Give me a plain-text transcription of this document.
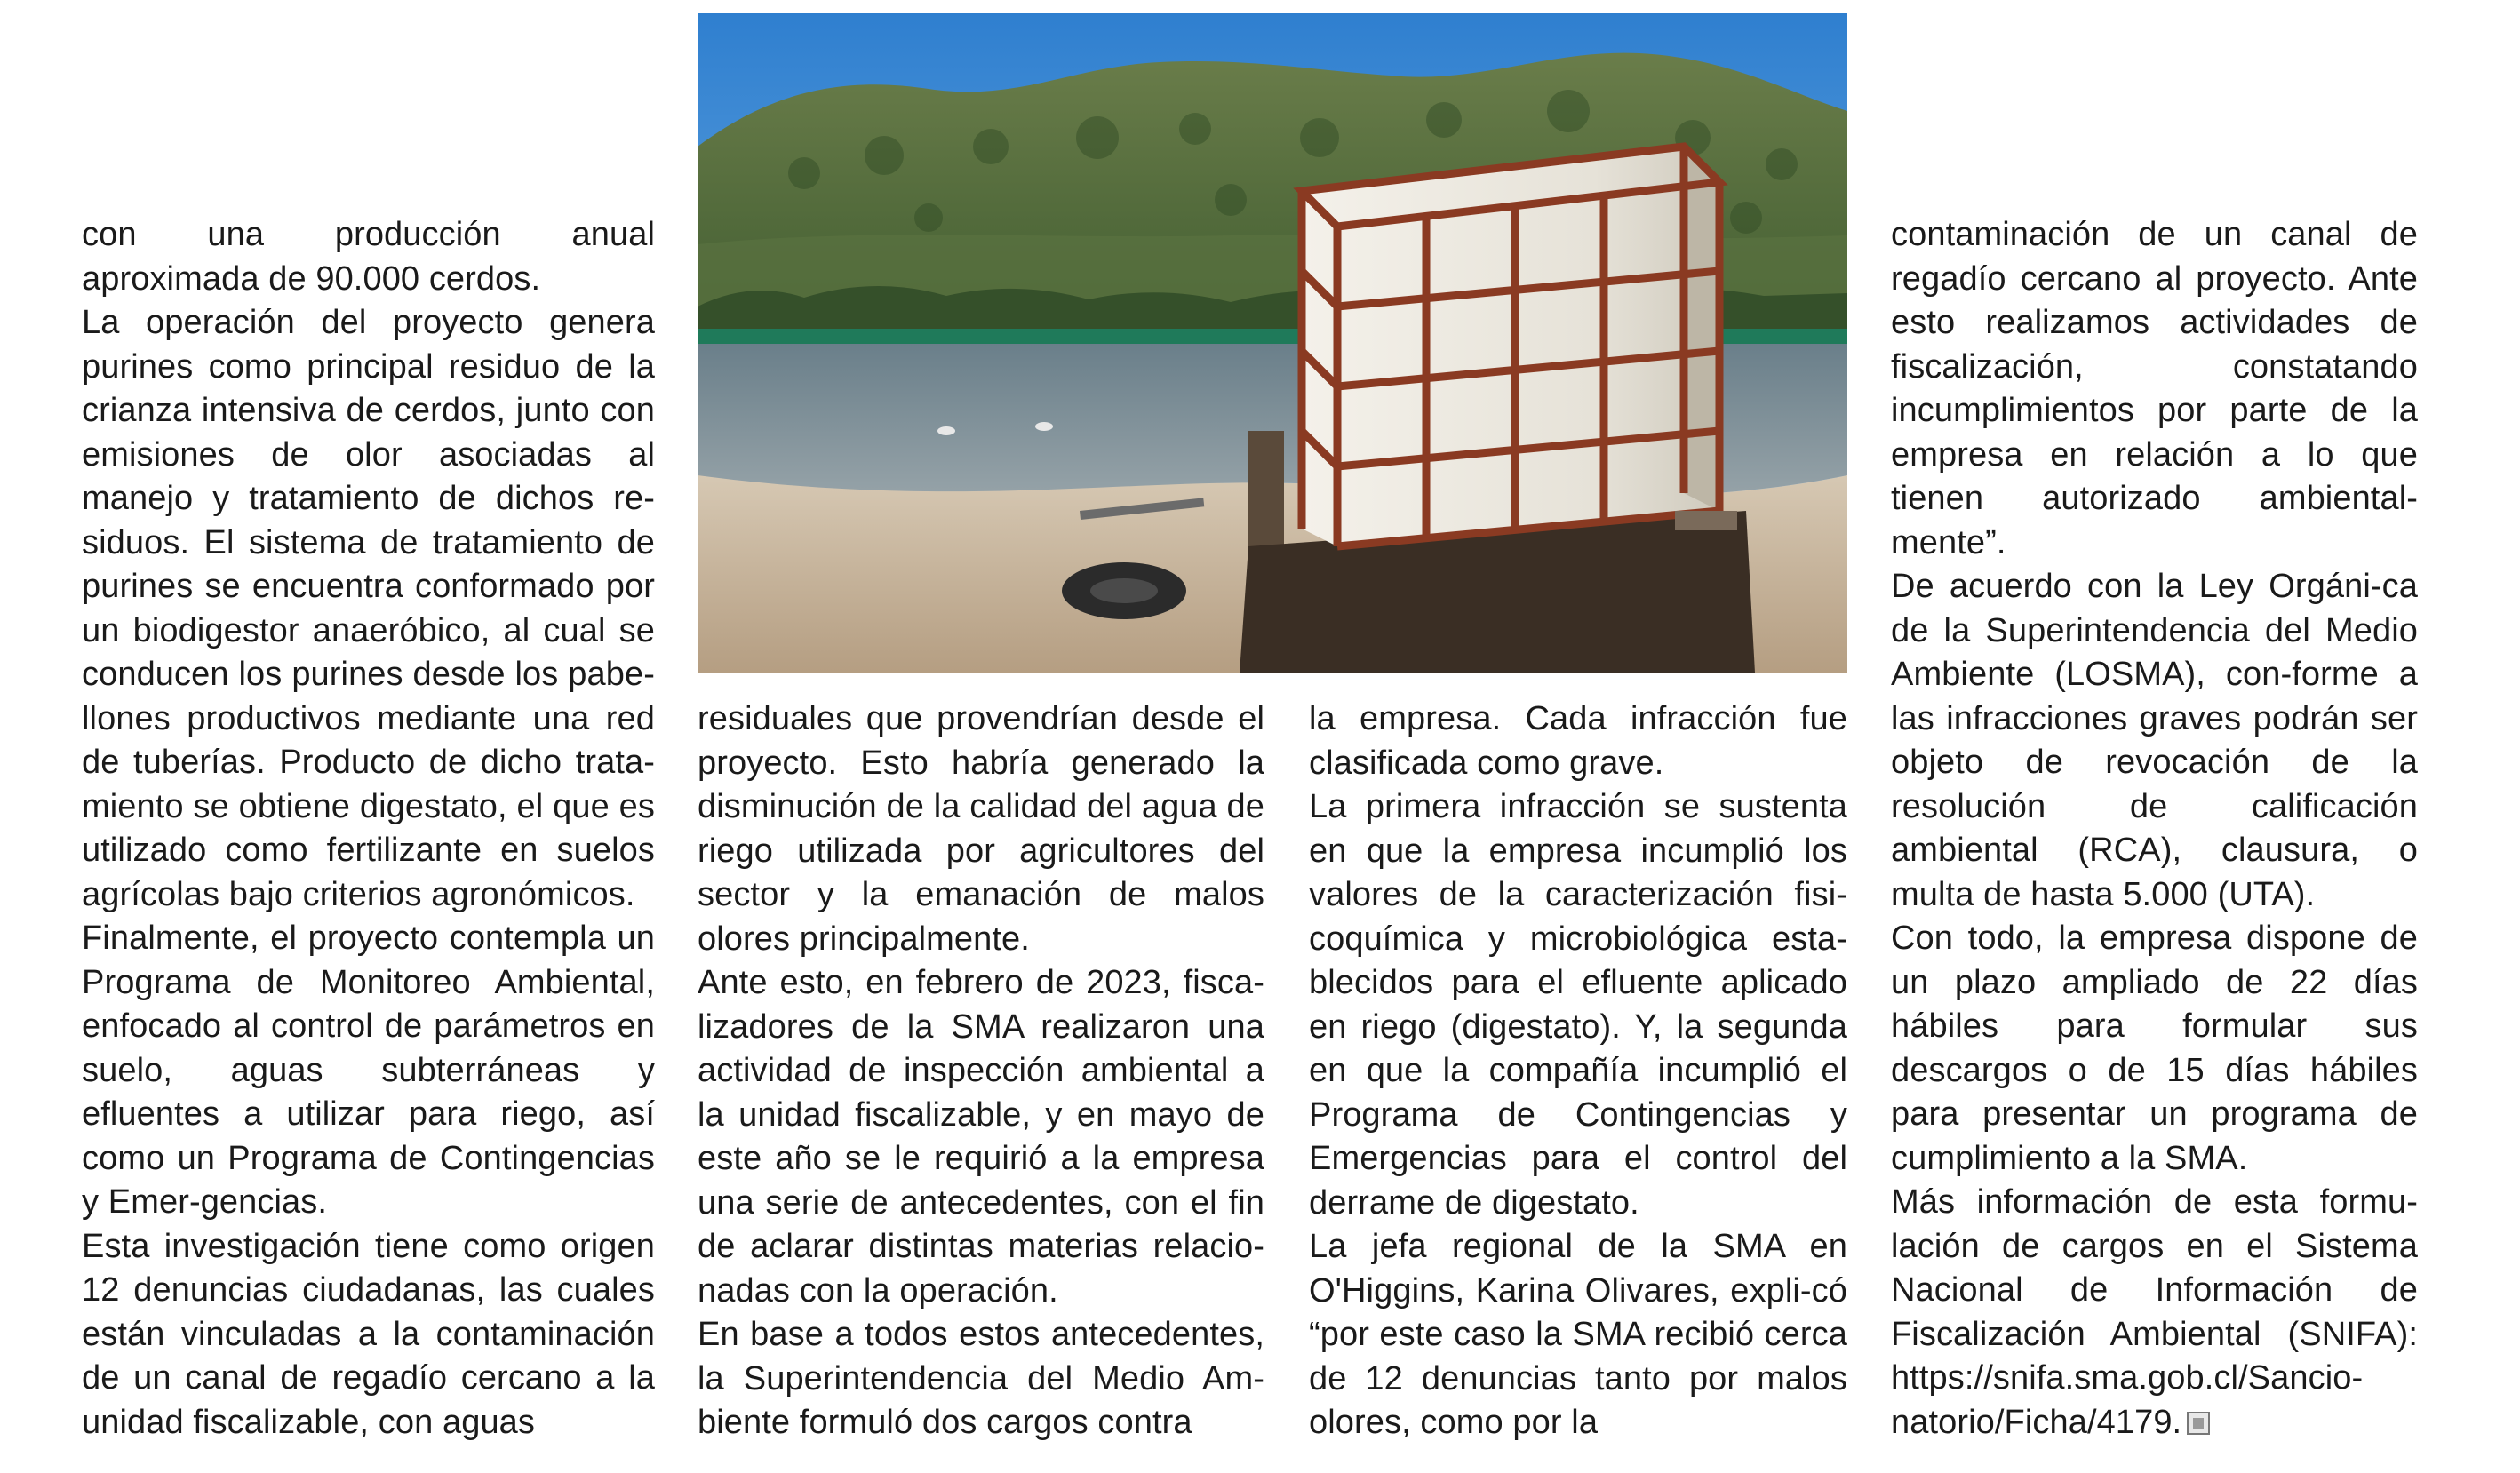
con una producción anual aproximada de 90.000 cerdos.

La operación del proyecto genera purines como principal residuo de la crianza intensiva de cerdos, junto con emisiones de olor asociadas al manejo y tratamiento de dichos re-siduos. El sistema de tratamiento de purines se encuentra conformado por un biodigestor anaeróbico, al cual se conducen los purines desde los pabe-llones productivos mediante una red de tuberías. Producto de dicho trata-miento se obtiene digestato, el que es utilizado como fertilizante en suelos agrícolas bajo criterios agronómicos.

Finalmente, el proyecto contempla un Programa de Monitoreo Ambiental, enfocado al control de parámetros en suelo, aguas subterráneas y efluentes a utilizar para riego, así como un Programa de Contingencias y Emer-gencias.

Esta investigación tiene como origen 12 denuncias ciudadanas, las cuales están vinculadas a la contaminación de un canal de regadío cercano a la unidad fiscalizable, con aguas

residuales que provendrían desde el proyecto. Esto habría generado la disminución de la calidad del agua de riego utilizada por agricultores del sector y la emanación de malos olores principalmente.

Ante esto, en febrero de 2023, fisca-lizadores de la SMA realizaron una actividad de inspección ambiental a la unidad fiscalizable, y en mayo de este año se le requirió a la empresa una serie de antecedentes, con el fin de aclarar distintas materias relacio-nadas con la operación.

En base a todos estos antecedentes, la Superintendencia del Medio Am-biente formuló dos cargos contra

la empresa. Cada infracción fue clasificada como grave.

La primera infracción se sustenta en que la empresa incumplió los valores de la caracterización fisi-coquímica y microbiológica esta-blecidos para el efluente aplicado en riego (digestato). Y, la segunda en que la compañía incumplió el Programa de Contingencias y Emergencias para el control del derrame de digestato.

La jefa regional de la SMA en O'Higgins, Karina Olivares, expli-có “por este caso la SMA recibió cerca de 12 denuncias tanto por malos olores, como por la

contaminación de un canal de regadío cercano al proyecto. Ante esto realizamos actividades de fiscalización, constatando incumplimientos por parte de la empresa en relación a lo que tienen autorizado ambiental-mente”.

De acuerdo con la Ley Orgáni-ca de la Superintendencia del Medio Ambiente (LOSMA), con-forme a las infracciones graves podrán ser objeto de revocación de la resolución de calificación ambiental (RCA), clausura, o multa de hasta 5.000 (UTA).

Con todo, la empresa dispone de un plazo ampliado de 22 días hábiles para formular sus descargos o de 15 días hábiles para presentar un programa de cumplimiento a la SMA.

Más información de esta formu-lación de cargos en el Sistema Nacional de Información de Fiscalización Ambiental (SNIFA): https://snifa.sma.gob.cl/Sancio-natorio/Ficha/4179.
